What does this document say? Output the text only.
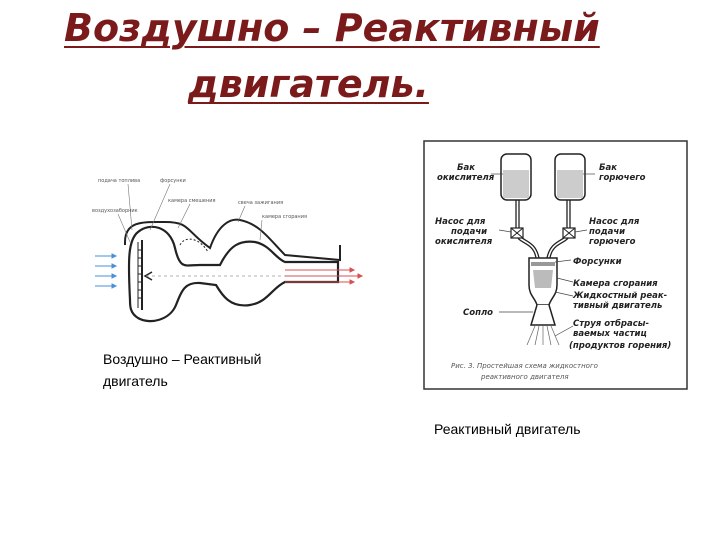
Воздушно – Реактивный
двигатель.
подача топлива	форсунки
воздухозаборник
камера смешения	свеча зажигания
камера сгорания
Воздушно – Реактивный
двигатель
Бак
окислителя
Бак
горючего
Насос для
подачи
окислителя
Насос для
подачи
горючего
Форсунки
Камера сгорания
Жидкостный реак-
тивный двигатель
Сопло
Струя отбрасы-
ваемых частиц
(продуктов горения)
Рис. 3. Простейшая схема жидкостного
реактивного двигателя
Реактивный двигатель
